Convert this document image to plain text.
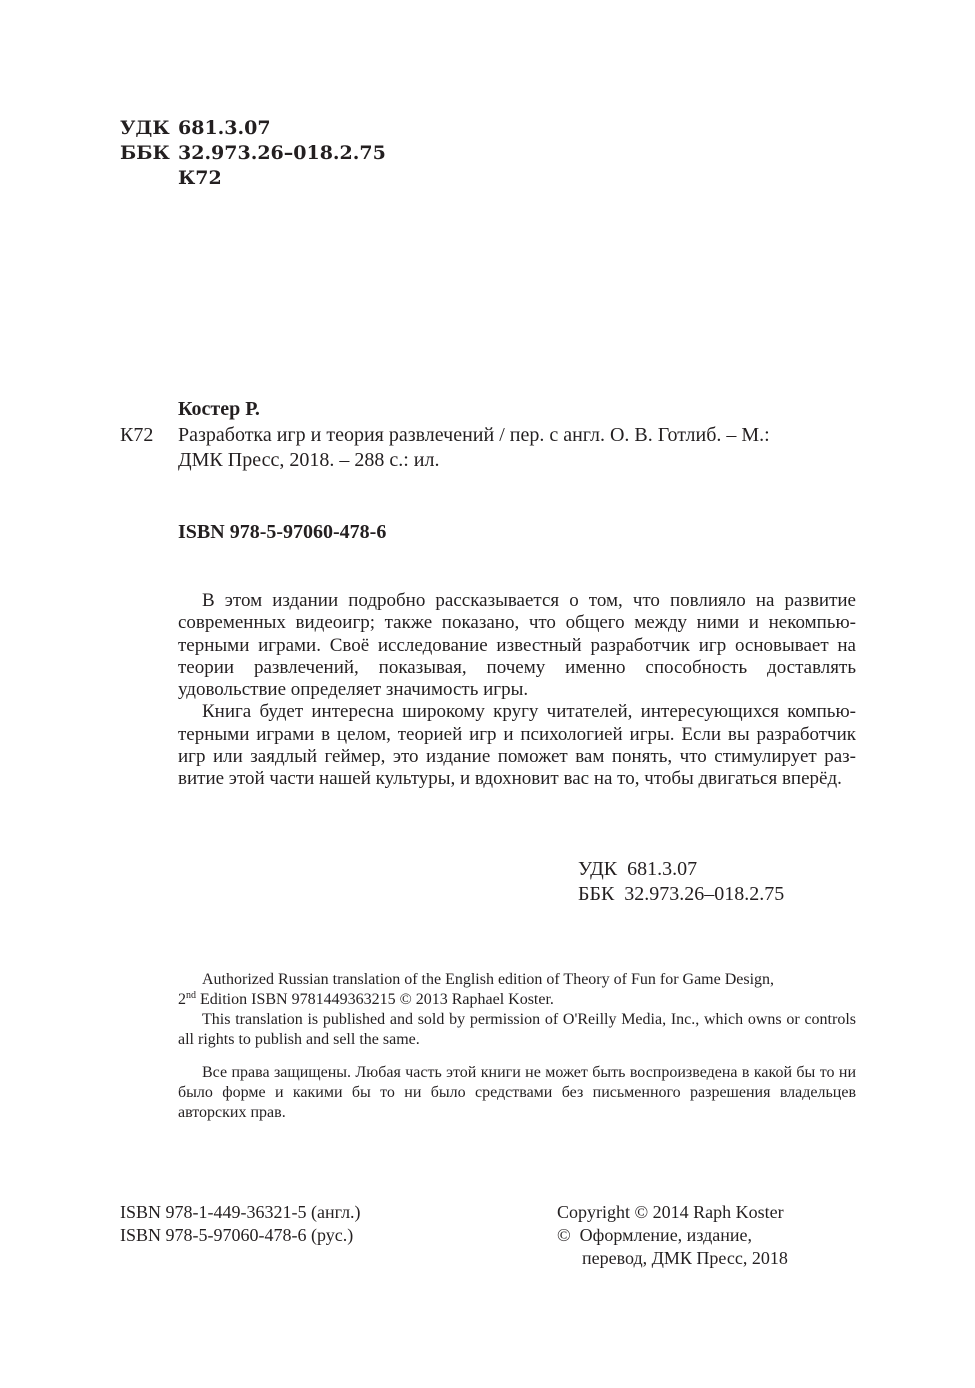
УДК 681.3.07
ББК 32.973.26–018.2.75
К72
Костер Р.
К72 Разработка игр и теория развлечений / пер. с англ. О. В. Готлиб. – М.:
ДМК Пресс, 2018. – 288 с.: ил.
ISBN 978-5-97060-478-6

В этом издании подробно рассказывается о том, что повлияло на развитие современных видеоигр; также показано, что общего между ними и некомпьютерными играми. Своё исследование известный разработчик игр основывает на теории развлечений, показывая, почему именно способность доставлять удовольствие определяет значимость игры.

Книга будет интересна широкому кругу читателей, интересующихся компьютерными играми в целом, теорией игр и психологией игры. Если вы разработчик игр или заядлый геймер, это издание поможет вам понять, что стимулирует развитие этой части нашей культуры, и вдохновит вас на то, чтобы двигаться вперёд.

УДК  681.3.07
ББК  32.973.26–018.2.75

Authorized Russian translation of the English edition of Theory of Fun for Game Design,

2nd Edition ISBN 9781449363215 © 2013 Raphael Koster.

This translation is published and sold by permission of O'Reilly Media, Inc., which owns or controls all rights to publish and sell the same.

Все права защищены. Любая часть этой книги не может быть воспроизведена в какой бы то ни было форме и какими бы то ни было средствами без письменного разрешения владельцев авторских прав.
ISBN 978-1-449-36321-5 (англ.)
ISBN 978-5-97060-478-6 (рус.)
Copyright © 2014 Raph Koster
©  Оформление, издание,
перевод, ДМК Пресс, 2018
